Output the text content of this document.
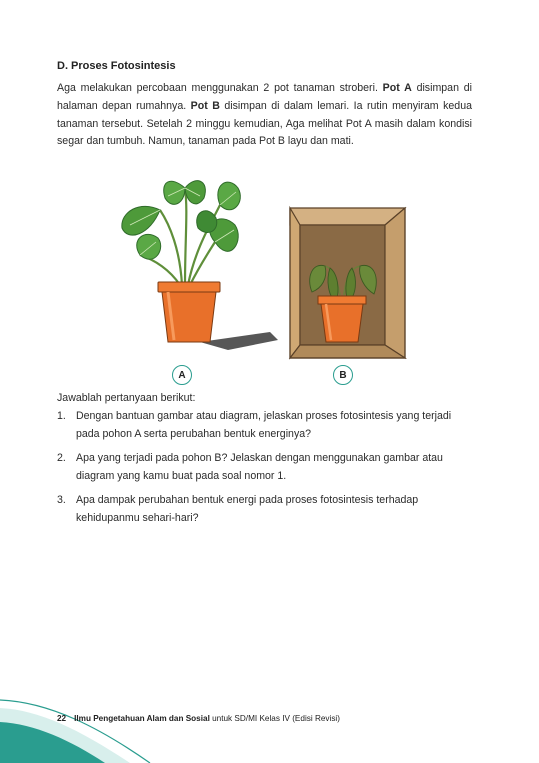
D. Proses Fotosintesis

Aga melakukan percobaan menggunakan 2 pot tanaman stroberi. Pot A disimpan di halaman depan rumahnya. Pot B disimpan di dalam lemari. Ia rutin menyiram kedua tanaman tersebut. Setelah 2 minggu kemudian, Aga melihat Pot A masih dalam kondisi segar dan tumbuh. Namun, tanaman pada Pot B layu dan mati.

A	B
Jawablah pertanyaan berikut:
1. Dengan bantuan gambar atau diagram, jelaskan proses fotosintesis yang terjadi pada pohon A serta perubahan bentuk energinya?
2. Apa yang terjadi pada pohon B? Jelaskan dengan menggunakan gambar atau diagram yang kamu buat pada soal nomor 1.
3. Apa dampak perubahan bentuk energi pada proses fotosintesis terhadap kehidupanmu sehari-hari?
22 Ilmu Pengetahuan Alam dan Sosial untuk SD/MI Kelas IV (Edisi Revisi)
